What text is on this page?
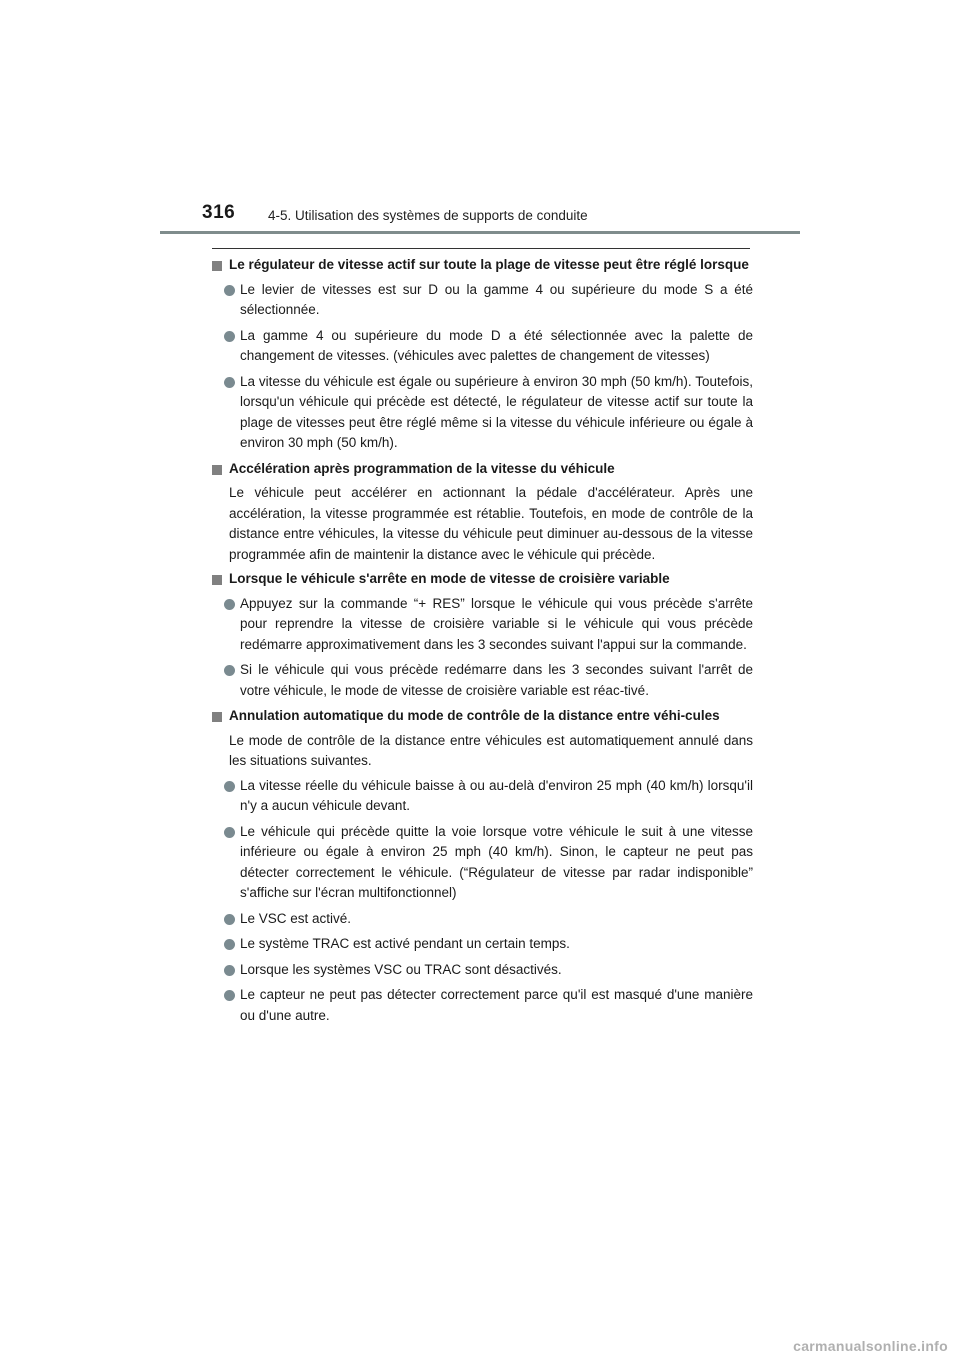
316 4-5. Utilisation des systèmes de supports de conduite
Le régulateur de vitesse actif sur toute la plage de vitesse peut être réglé lorsque
Le levier de vitesses est sur D ou la gamme 4 ou supérieure du mode S a été sélectionnée.
La gamme 4 ou supérieure du mode D a été sélectionnée avec la palette de changement de vitesses. (véhicules avec palettes de changement de vitesses)
La vitesse du véhicule est égale ou supérieure à environ 30 mph (50 km/h). Toutefois, lorsqu'un véhicule qui précède est détecté, le régulateur de vitesse actif sur toute la plage de vitesses peut être réglé même si la vitesse du véhicule inférieure ou égale à environ 30 mph (50 km/h).
Accélération après programmation de la vitesse du véhicule
Le véhicule peut accélérer en actionnant la pédale d'accélérateur. Après une accélération, la vitesse programmée est rétablie. Toutefois, en mode de contrôle de la distance entre véhicules, la vitesse du véhicule peut diminuer au-dessous de la vitesse programmée afin de maintenir la distance avec le véhicule qui précède.
Lorsque le véhicule s'arrête en mode de vitesse de croisière variable
Appuyez sur la commande “+ RES” lorsque le véhicule qui vous précède s'arrête pour reprendre la vitesse de croisière variable si le véhicule qui vous précède redémarre approximativement dans les 3 secondes suivant l'appui sur la commande.
Si le véhicule qui vous précède redémarre dans les 3 secondes suivant l'arrêt de votre véhicule, le mode de vitesse de croisière variable est réac-tivé.
Annulation automatique du mode de contrôle de la distance entre véhi-cules
Le mode de contrôle de la distance entre véhicules est automatiquement annulé dans les situations suivantes.
La vitesse réelle du véhicule baisse à ou au-delà d'environ 25 mph (40 km/h) lorsqu'il n'y a aucun véhicule devant.
Le véhicule qui précède quitte la voie lorsque votre véhicule le suit à une vitesse inférieure ou égale à environ 25 mph (40 km/h). Sinon, le capteur ne peut pas détecter correctement le véhicule. (“Régulateur de vitesse par radar indisponible” s'affiche sur l'écran multifonctionnel)
Le VSC est activé.
Le système TRAC est activé pendant un certain temps.
Lorsque les systèmes VSC ou TRAC sont désactivés.
Le capteur ne peut pas détecter correctement parce qu'il est masqué d'une manière ou d'une autre.
carmanualsonline.info
